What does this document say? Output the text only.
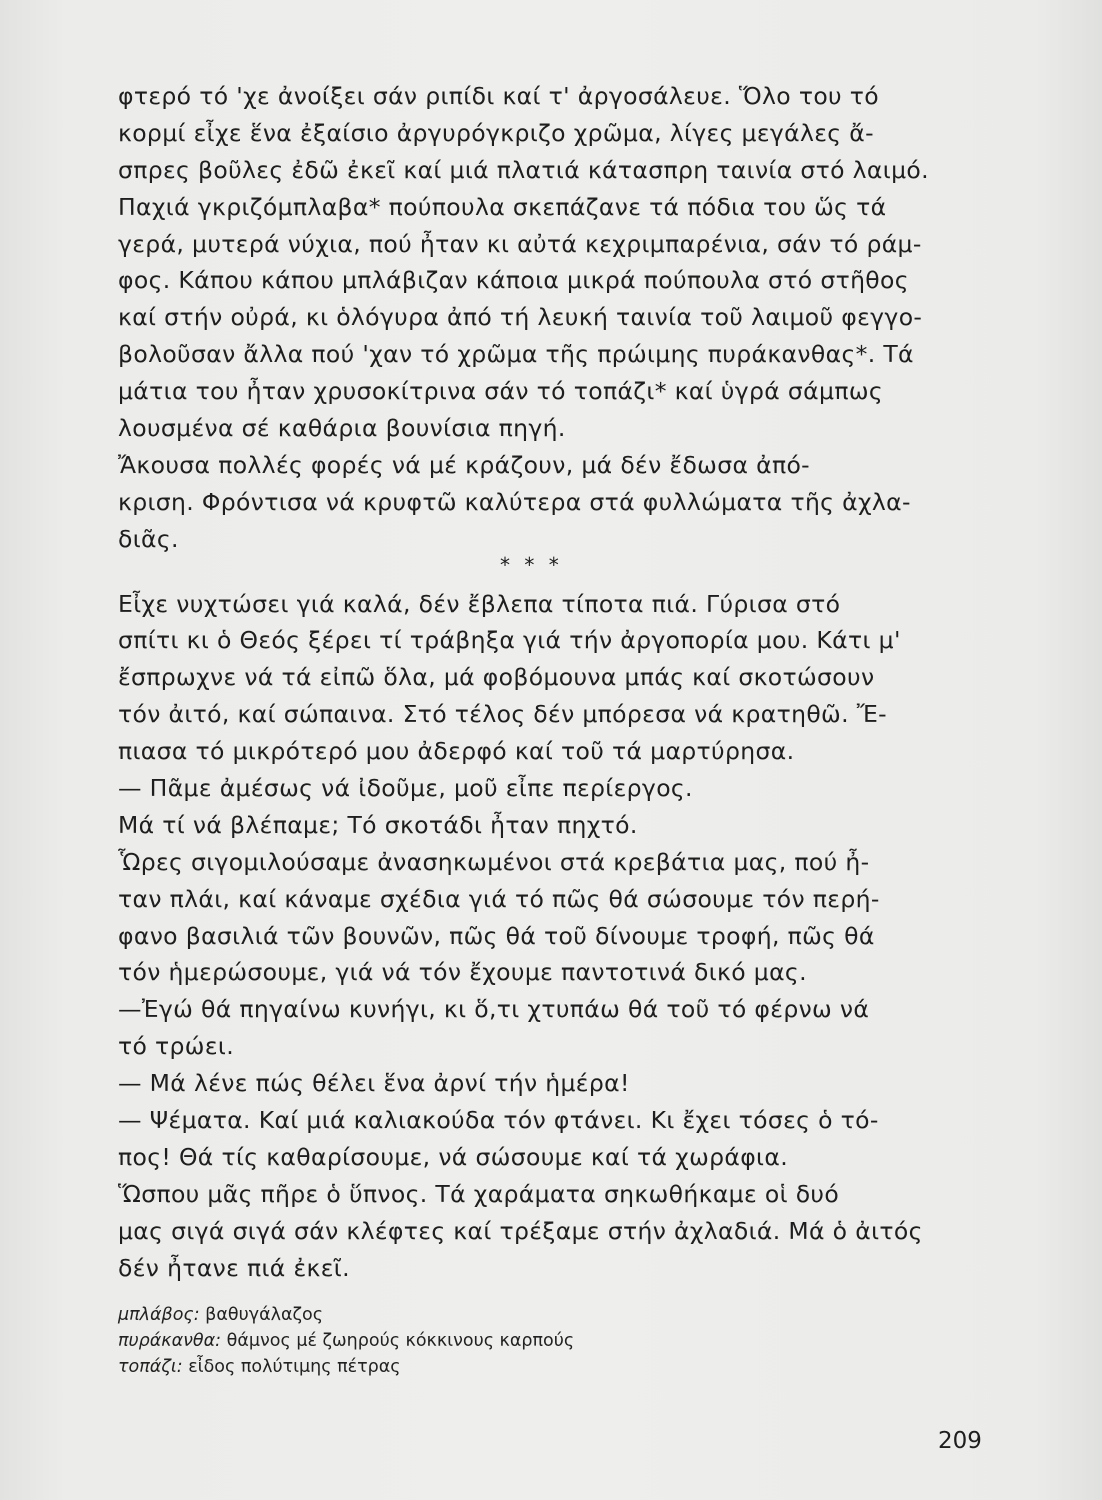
φτερό τό 'χε ἀνοίξει σάν ριπίδι καί τ' ἀργοσάλευε. Ὅλο του τό
κορμί εἶχε ἕνα ἐξαίσιο ἀργυρόγκριζο χρῶμα, λίγες μεγάλες ἄ-
σπρες βοῦλες ἐδῶ ἐκεῖ καί μιά πλατιά κάτασπρη ταινία στό λαιμό.
Παχιά γκριζόμπλαβα* πούπουλα σκεπάζανε τά πόδια του ὥς τά
γερά, μυτερά νύχια, πού ἦταν κι αὐτά κεχριμπαρένια, σάν τό ράμ-
φος. Κάπου κάπου μπλάβιζαν κάποια μικρά πούπουλα στό στῆθος
καί στήν οὐρά, κι ὁλόγυρα ἀπό τή λευκή ταινία τοῦ λαιμοῦ φεγγο-
βολοῦσαν ἄλλα πού 'χαν τό χρῶμα τῆς πρώιμης πυράκανθας*. Τά
μάτια του ἦταν χρυσοκίτρινα σάν τό τοπάζι* καί ὑγρά σάμπως
λουσμένα σέ καθάρια βουνίσια πηγή.
Ἄκουσα πολλές φορές νά μέ κράζουν, μά δέν ἔδωσα ἀπό-
κριση. Φρόντισα νά κρυφτῶ καλύτερα στά φυλλώματα τῆς ἀχλα-
διᾶς.
* * *
Εἶχε νυχτώσει γιά καλά, δέν ἔβλεπα τίποτα πιά. Γύρισα στό
σπίτι κι ὁ Θεός ξέρει τί τράβηξα γιά τήν ἀργοπορία μου. Κάτι μ'
ἔσπρωχνε νά τά εἰπῶ ὅλα, μά φοβόμουνα μπάς καί σκοτώσουν
τόν ἀιτό, καί σώπαινα. Στό τέλος δέν μπόρεσα νά κρατηθῶ. Ἔ-
πιασα τό μικρότερό μου ἀδερφό καί τοῦ τά μαρτύρησα.
— Πᾶμε ἀμέσως νά ἰδοῦμε, μοῦ εἶπε περίεργος.
Μά τί νά βλέπαμε; Τό σκοτάδι ἦταν πηχτό.
Ὧρες σιγομιλούσαμε ἀνασηκωμένοι στά κρεβάτια μας, πού ἦ-
ταν πλάι, καί κάναμε σχέδια γιά τό πῶς θά σώσουμε τόν περή-
φανο βασιλιά τῶν βουνῶν, πῶς θά τοῦ δίνουμε τροφή, πῶς θά
τόν ἡμερώσουμε, γιά νά τόν ἔχουμε παντοτινά δικό μας.
—Ἐγώ θά πηγαίνω κυνήγι, κι ὅ,τι χτυπάω θά τοῦ τό φέρνω νά
τό τρώει.
— Μά λένε πώς θέλει ἕνα ἀρνί τήν ἡμέρα!
— Ψέματα. Καί μιά καλιακούδα τόν φτάνει. Κι ἔχει τόσες ὁ τό-
πος! Θά τίς καθαρίσουμε, νά σώσουμε καί τά χωράφια.
Ὥσπου μᾶς πῆρε ὁ ὕπνος. Τά χαράματα σηκωθήκαμε οἱ δυό
μας σιγά σιγά σάν κλέφτες καί τρέξαμε στήν ἀχλαδιά. Μά ὁ ἀιτός
δέν ἦτανε πιά ἐκεῖ.
μπλάβος: βαθυγάλαζος
πυράκανθα: θάμνος μέ ζωηρούς κόκκινους καρπούς
τοπάζι: εἶδος πολύτιμης πέτρας
209
